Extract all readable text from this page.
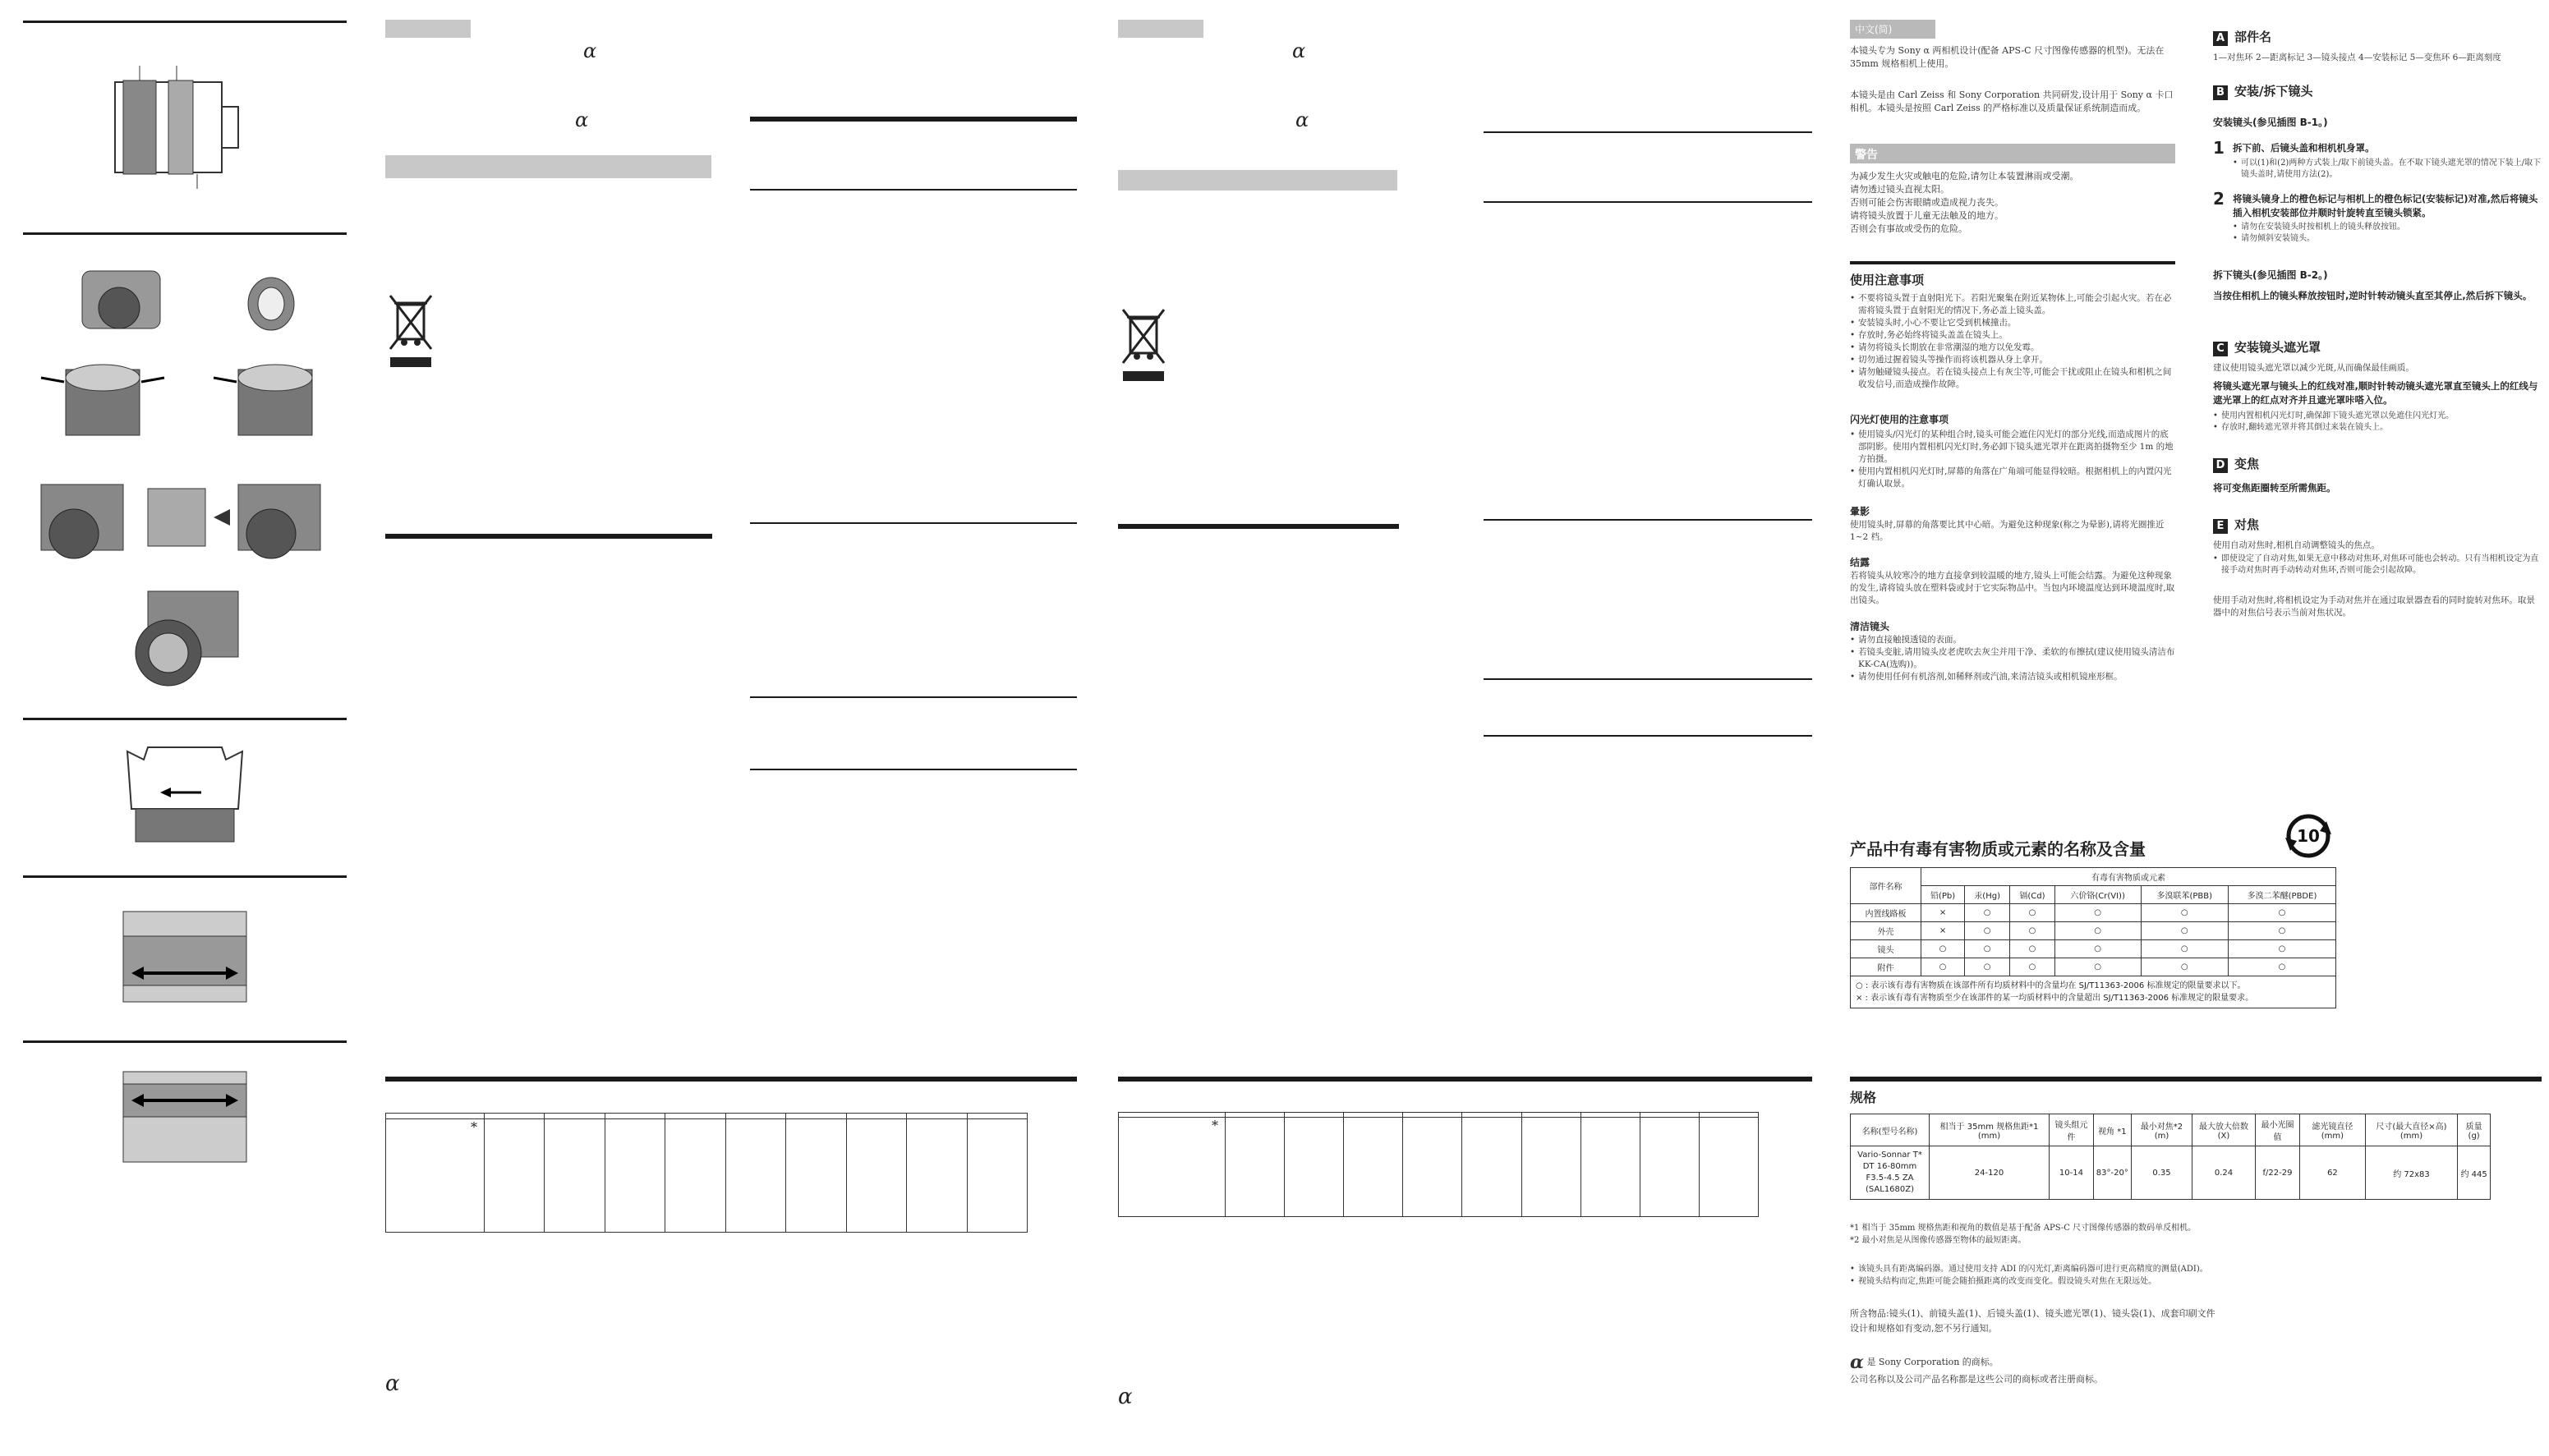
α
α

*									
α
α
α

*									
α
中文(简)
本镜头专为 Sony α 两相机设计(配备 APS-C 尺寸图像传感器的机型)。无法在 35mm 规格相机上使用。
本镜头是由 Carl Zeiss 和 Sony Corporation 共同研发,设计用于 Sony α 卡口相机。本镜头是按照 Carl Zeiss 的严格标准以及质量保证系统制造而成。
警告
为减少发生火灾或触电的危险,请勿让本装置淋雨或受潮。
请勿透过镜头直视太阳。
否则可能会伤害眼睛或造成视力丧失。
请将镜头放置于儿童无法触及的地方。
否则会有事故或受伤的危险。
使用注意事项
• 不要将镜头置于直射阳光下。若阳光聚集在附近某物体上,可能会引起火灾。若在必需将镜头置于直射阳光的情况下,务必盖上镜头盖。
• 安装镜头时,小心不要让它受到机械撞击。
• 存放时,务必始终将镜头盖盖在镜头上。
• 请勿将镜头长期放在非常潮湿的地方以免发霉。
• 切勿通过握着镜头等操作而将该机器从身上拿开。
• 请勿触碰镜头接点。若在镜头接点上有灰尘等,可能会干扰或阻止在镜头和相机之间收发信号,而造成操作故障。
闪光灯使用的注意事项
• 使用镜头/闪光灯的某种组合时,镜头可能会遮住闪光灯的部分光线,而造成图片的底部阴影。使用内置相机闪光灯时,务必卸下镜头遮光罩并在距离拍摄物至少 1m 的地方拍摄。
• 使用内置相机闪光灯时,屏幕的角落在广角端可能显得较暗。根据相机上的内置闪光灯确认取景。
暈影
使用镜头时,屏幕的角落要比其中心暗。为避免这种现象(称之为晕影),请将光圈推近 1~2 档。
结露
若将镜头从较寒冷的地方直接拿到较温暖的地方,镜头上可能会结露。为避免这种现象的发生,请将镜头放在塑料袋或封于它实际物品中。当包内环境温度达到环境温度时,取出镜头。
清洁镜头
• 请勿直接触摸透镜的表面。
• 若镜头变脏,请用镜头皮老虎吹去灰尘并用干净、柔软的布擦拭(建议使用镜头清洁布 KK-CA(选购))。
• 请勿使用任何有机溶剂,如稀释剂或汽油,来清洁镜头或相机镜座形框。
A 部件名
1—对焦环 2—距离标记 3—镜头接点 4—安装标记 5—变焦环 6—距离刻度
B 安装/拆下镜头
安装镜头(参见插图 B-1。)
1 拆下前、后镜头盖和相机机身罩。
• 可以(1)和(2)两种方式装上/取下前镜头盖。在不取下镜头遮光罩的情况下装上/取下镜头盖时,请使用方法(2)。
2 将镜头镜身上的橙色标记与相机上的橙色标记(安装标记)对准,然后将镜头插入相机安装部位并顺时针旋转直至镜头锁紧。
• 请勿在安装镜头时按相机上的镜头释放按钮。
• 请勿倾斜安装镜头。
拆下镜头(参见插图 B-2。)
当按住相机上的镜头释放按钮时,逆时针转动镜头直至其停止,然后拆下镜头。
C 安装镜头遮光罩
建议使用镜头遮光罩以减少光斑,从而确保最佳画质。
将镜头遮光罩与镜头上的红线对准,顺时针转动镜头遮光罩直至镜头上的红线与遮光罩上的红点对齐并且遮光罩咔嗒入位。
• 使用内置相机闪光灯时,确保卸下镜头遮光罩以免遮住闪光灯光。
• 存放时,翻转遮光罩并将其倒过来装在镜头上。
D 变焦
将可变焦距圈转至所需焦距。
E 对焦
使用自动对焦时,相机自动调整镜头的焦点。
• 即使设定了自动对焦,如果无意中移动对焦环,对焦环可能也会转动。只有当相机设定为直接手动对焦时再手动转动对焦环,否则可能会引起故障。
使用手动对焦时,将相机设定为手动对焦并在通过取景器查看的同时旋转对焦环。取景器中的对焦信号表示当前对焦状况。
产品中有毒有害物质或元素的名称及含量
10
部件名称	有毒有害物质或元素					
	铅(Pb)	汞(Hg)	镉(Cd)	六价铬(Cr(VI))	多溴联苯(PBB)	多溴二苯醚(PBDE)
内置线路板	×	○	○	○	○	○
外壳	×	○	○	○	○	○
镜头	○	○	○	○	○	○
附件	○	○	○	○	○	○

○ : 表示该有毒有害物质在该部件所有均质材料中的含量均在 SJ/T11363-2006 标准规定的限量要求以下。
× : 表示该有毒有害物质至少在该部件的某一均质材料中的含量超出 SJ/T11363-2006 标准规定的限量要求。						
规格
名称(型号名称)	相当于 35mm 规格焦距*1 (mm)	镜头组元件	视角 *1	最小对焦*2 (m)	最大放大倍数(X)	最小光圈值	滤光镜直径(mm)	尺寸(最大直径×高)(mm)	质量(g)

Vario-Sonnar T*
DT 16-80mm
F3.5-4.5 ZA
(SAL1680Z)	24-120	10-14	83°-20°	0.35	0.24	f/22-29	62	约 72x83	约 445
*1 相当于 35mm 规格焦距和视角的数值是基于配备 APS-C 尺寸图像传感器的数码单反相机。
*2 最小对焦是从图像传感器至物体的最短距离。
• 该镜头具有距离编码器。通过使用支持 ADI 的闪光灯,距离编码器可进行更高精度的测量(ADI)。
• 视镜头结构而定,焦距可能会随拍摄距离的改变而变化。假设镜头对焦在无限远处。
所含物品:镜头(1)、前镜头盖(1)、后镜头盖(1)、镜头遮光罩(1)、镜头袋(1)、成套印刷文件
设计和规格如有变动,恕不另行通知。
α 是 Sony Corporation 的商标。
公司名称以及公司产品名称都是这些公司的商标或者注册商标。
